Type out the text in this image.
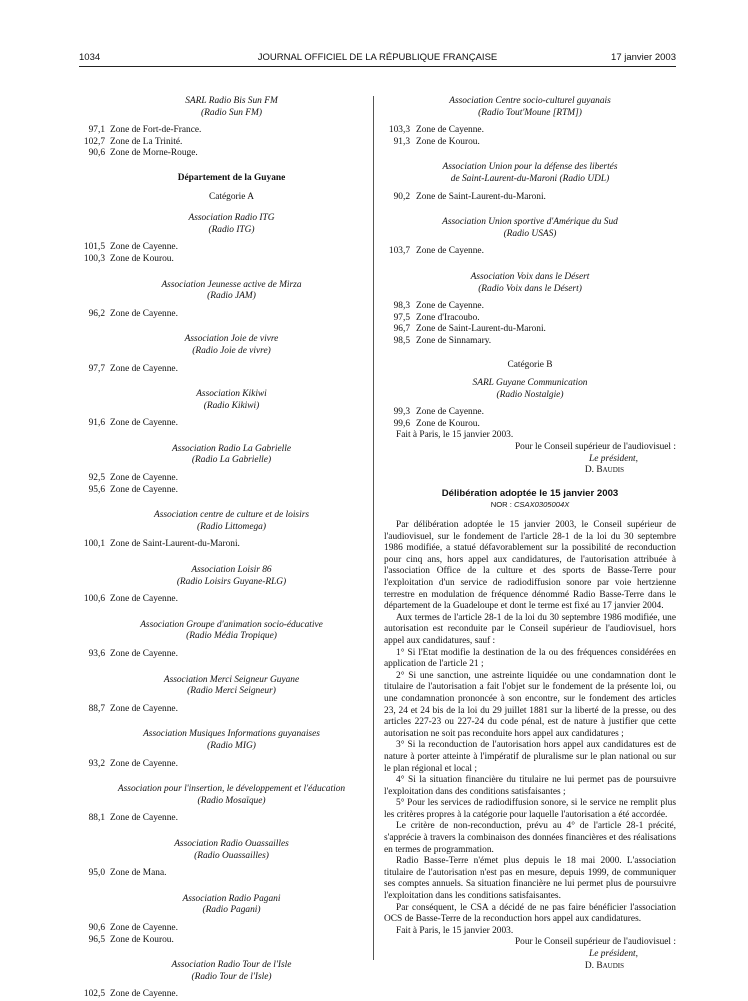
1034	JOURNAL OFFICIEL DE LA RÉPUBLIQUE FRANÇAISE	17 janvier 2003
SARL Radio Bis Sun FM
(Radio Sun FM)
97,1 Zone de Fort-de-France.
102,7 Zone de La Trinité.
90,6 Zone de Morne-Rouge.
Département de la Guyane
Catégorie A
Association Radio ITG
(Radio ITG)
101,5 Zone de Cayenne.
100,3 Zone de Kourou.
Association Jeunesse active de Mirza
(Radio JAM)
96,2 Zone de Cayenne.
Association Joie de vivre
(Radio Joie de vivre)
97,7 Zone de Cayenne.
Association Kikiwi
(Radio Kikiwi)
91,6 Zone de Cayenne.
Association Radio La Gabrielle
(Radio La Gabrielle)
92,5 Zone de Cayenne.
95,6 Zone de Cayenne.
Association centre de culture et de loisirs
(Radio Littomega)
100,1 Zone de Saint-Laurent-du-Maroni.
Association Loisir 86
(Radio Loisirs Guyane-RLG)
100,6 Zone de Cayenne.
Association Groupe d'animation socio-éducative
(Radio Média Tropique)
93,6 Zone de Cayenne.
Association Merci Seigneur Guyane
(Radio Merci Seigneur)
88,7 Zone de Cayenne.
Association Musiques Informations guyanaises
(Radio MIG)
93,2 Zone de Cayenne.
Association pour l'insertion, le développement et l'éducation
(Radio Mosaïque)
88,1 Zone de Cayenne.
Association Radio Ouassailles
(Radio Ouassailles)
95,0 Zone de Mana.
Association Radio Pagani
(Radio Pagani)
90,6 Zone de Cayenne.
96,5 Zone de Kourou.
Association Radio Tour de l'Isle
(Radio Tour de l'Isle)
102,5 Zone de Cayenne.
Association Centre socio-culturel guyanais
(Radio Tout'Moune [RTM])
103,3 Zone de Cayenne.
91,3 Zone de Kourou.
Association Union pour la défense des libertés
de Saint-Laurent-du-Maroni (Radio UDL)
90,2 Zone de Saint-Laurent-du-Maroni.
Association Union sportive d'Amérique du Sud
(Radio USAS)
103,7 Zone de Cayenne.
Association Voix dans le Désert
(Radio Voix dans le Désert)
98,3 Zone de Cayenne.
97,5 Zone d'Iracoubo.
96,7 Zone de Saint-Laurent-du-Maroni.
98,5 Zone de Sinnamary.
Catégorie B
SARL Guyane Communication
(Radio Nostalgie)
99,3 Zone de Cayenne.
99,6 Zone de Kourou.
Fait à Paris, le 15 janvier 2003.
Pour le Conseil supérieur de l'audiovisuel :
Le président,
D. Baudis
Délibération adoptée le 15 janvier 2003
NOR : CSAX0305004X
Par délibération adoptée le 15 janvier 2003, le Conseil supérieur de l'audiovisuel, sur le fondement de l'article 28-1 de la loi du 30 septembre 1986 modifiée, a statué défavorablement sur la possibilité de reconduction pour cinq ans, hors appel aux candidatures, de l'autorisation attribuée à l'association Office de la culture et des sports de Basse-Terre pour l'exploitation d'un service de radiodiffusion sonore par voie hertzienne terrestre en modulation de fréquence dénommé Radio Basse-Terre dans le département de la Guadeloupe et dont le terme est fixé au 17 janvier 2004.
Aux termes de l'article 28-1 de la loi du 30 septembre 1986 modifiée, une autorisation est reconduite par le Conseil supérieur de l'audiovisuel, hors appel aux candidatures, sauf :
1° Si l'Etat modifie la destination de la ou des fréquences considérées en application de l'article 21 ;
2° Si une sanction, une astreinte liquidée ou une condamnation dont le titulaire de l'autorisation a fait l'objet sur le fondement de la présente loi, ou une condamnation prononcée à son encontre, sur le fondement des articles 23, 24 et 24 bis de la loi du 29 juillet 1881 sur la liberté de la presse, ou des articles 227-23 ou 227-24 du code pénal, est de nature à justifier que cette autorisation ne soit pas reconduite hors appel aux candidatures ;
3° Si la reconduction de l'autorisation hors appel aux candidatures est de nature à porter atteinte à l'impératif de pluralisme sur le plan national ou sur le plan régional et local ;
4° Si la situation financière du titulaire ne lui permet pas de poursuivre l'exploitation dans des conditions satisfaisantes ;
5° Pour les services de radiodiffusion sonore, si le service ne remplit plus les critères propres à la catégorie pour laquelle l'autorisation a été accordée.
Le critère de non-reconduction, prévu au 4° de l'article 28-1 précité, s'apprécie à travers la combinaison des données financières et des réalisations en termes de programmation.
Radio Basse-Terre n'émet plus depuis le 18 mai 2000. L'association titulaire de l'autorisation n'est pas en mesure, depuis 1999, de communiquer ses comptes annuels. Sa situation financière ne lui permet plus de poursuivre l'exploitation dans les conditions satisfaisantes.
Par conséquent, le CSA a décidé de ne pas faire bénéficier l'association OCS de Basse-Terre de la reconduction hors appel aux candidatures.
Fait à Paris, le 15 janvier 2003.
Pour le Conseil supérieur de l'audiovisuel :
Le président,
D. Baudis
